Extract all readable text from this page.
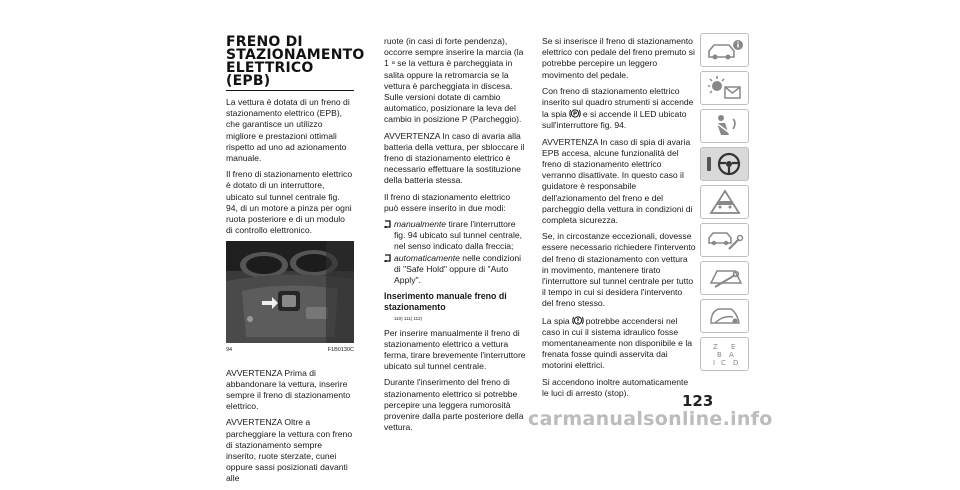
FRENO DI STAZIONAMENTO ELETTRICO (EPB)

La vettura è dotata di un freno di stazionamento elettrico (EPB), che garantisce un utilizzo migliore e prestazioni ottimali rispetto ad uno ad azionamento manuale.

Il freno di stazionamento elettrico è dotato di un interruttore, ubicato sul tunnel centrale fig. 94, di un motore a pinza per ogni ruota posteriore e di un modulo di controllo elettronico.

94	F1B0130C

AVVERTENZA Prima di abbandonare la vettura, inserire sempre il freno di stazionamento elettrico.

AVVERTENZA Oltre a parcheggiare la vettura con freno di stazionamento sempre inserito, ruote sterzate, cunei oppure sassi posizionati davanti alle

ruote (in casi di forte pendenza), occorre sempre inserire la marcia (la 1 $^a$ se la vettura è parcheggiata in salita oppure la retromarcia se la vettura è parcheggiata in discesa. Sulle versioni dotate di cambio automatico, posizionare la leva del cambio in posizione P (Parcheggio).

AVVERTENZA In caso di avaria alla batteria della vettura, per sbloccare il freno di stazionamento elettrico è necessario effettuare la sostituzione della batteria stessa.

Il freno di stazionamento elettrico può essere inserito in due modi:

manualmente tirare l'interruttore fig. 94 ubicato sul tunnel centrale, nel senso indicato dalla freccia;
automaticamente nelle condizioni di "Safe Hold" oppure di "Auto Apply".
Inserimento manuale freno di stazionamento
110) 111) 112)

Per inserire manualmente il freno di stazionamento elettrico a vettura ferma, tirare brevemente l'interruttore ubicato sul tunnel centrale.

Durante l'inserimento del freno di stazionamento elettrico si potrebbe percepire una leggera rumorosità provenire dalla parte posteriore della vettura.

Se si inserisce il freno di stazionamento elettrico con pedale del freno premuto si potrebbe percepire un leggero movimento del pedale.

Con freno di stazionamento elettrico inserito sul quadro strumenti si accende la spia P e si accende il LED ubicato sull'interruttore fig. 94.

AVVERTENZA In caso di spia di avaria EPB accesa, alcune funzionalità del freno di stazionamento elettrico verranno disattivate. In questo caso il guidatore è responsabile dell'azionamento del freno e del parcheggio della vettura in condizioni di completa sicurezza.

Se, in circostanze eccezionali, dovesse essere necessario richiedere l'intervento del freno di stazionamento con vettura in movimento, mantenere tirato l'interruttore sul tunnel centrale per tutto il tempo in cui si desidera l'intervento del freno stesso.

La spia potrebbe accendersi nel caso in cui il sistema idraulico fosse momentaneamente non disponibile e la frenata fosse quindi asservita dai motorini elettrici.

Si accendono inoltre automaticamente le luci di arresto (stop).

Z E
B A
I C D
123
carmanualsonline.info
